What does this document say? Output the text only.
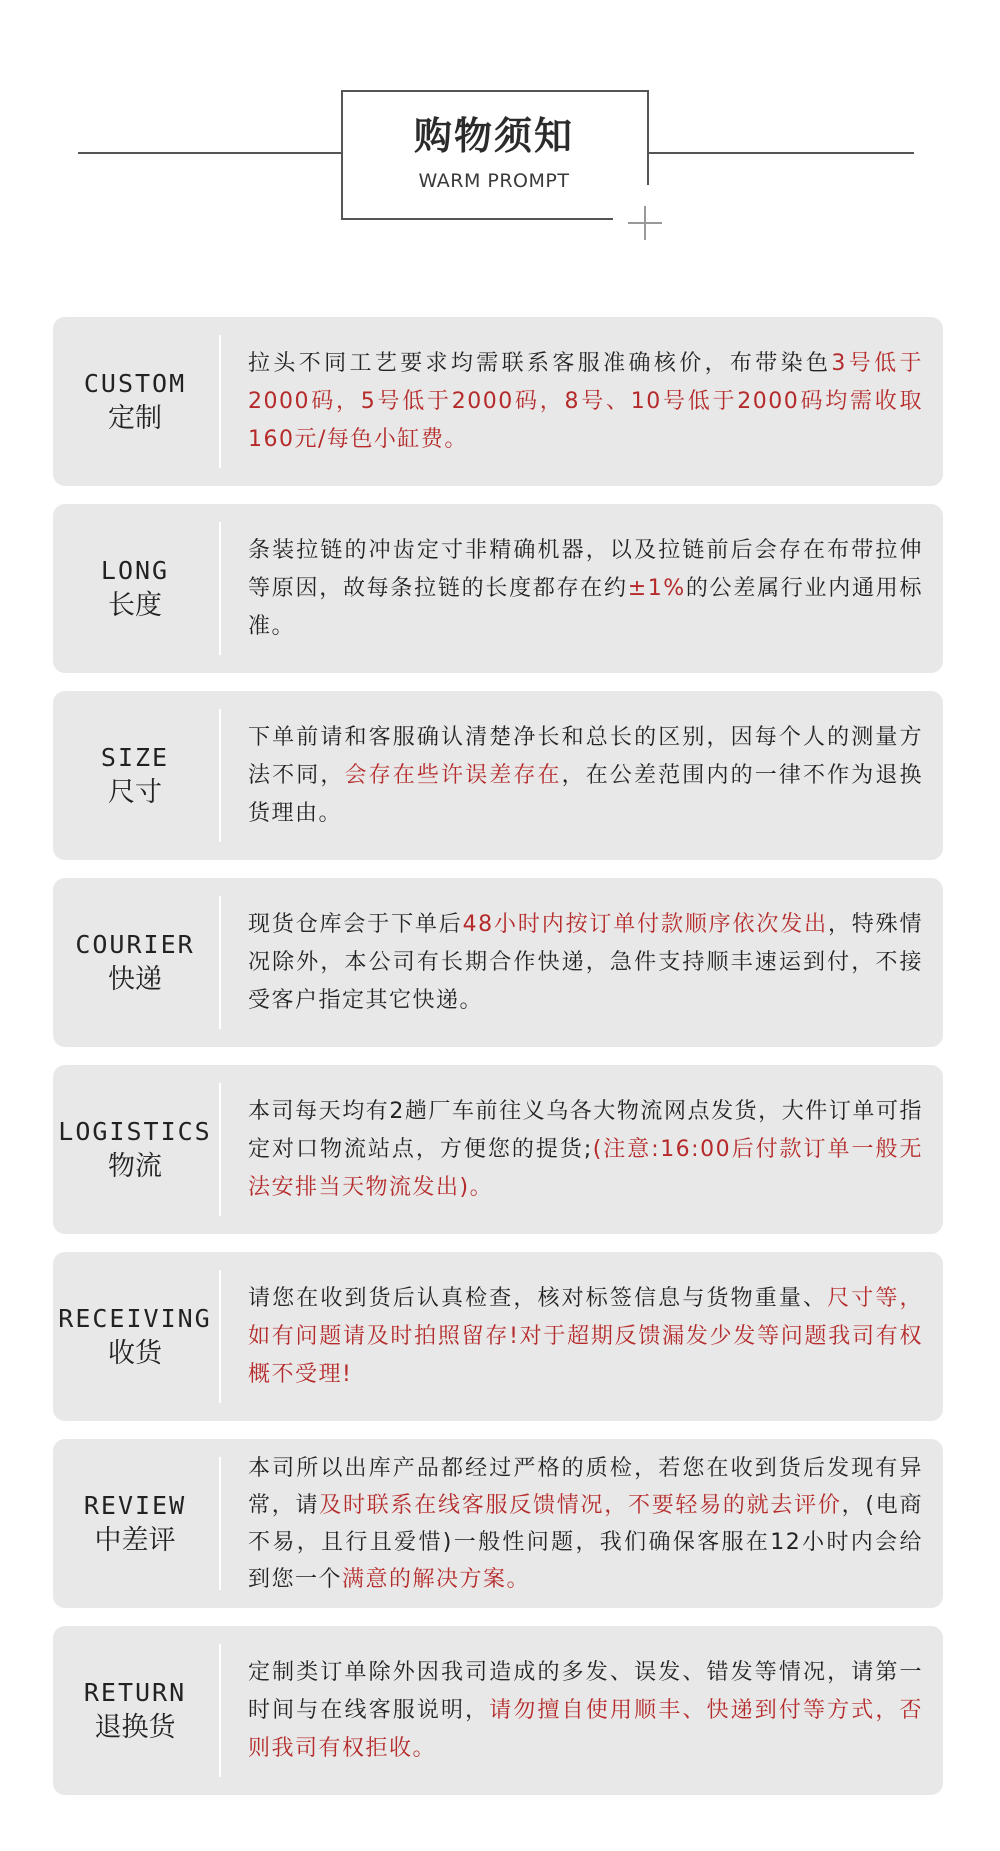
购物须知
WARM PROMPT
CUSTOM
定制

拉头不同工艺要求均需联系客服准确核价，布带染色3号低于2000码，5号低于2000码，8号、10号低于2000码均需收取160元/每色小缸费。

LONG
长度

条装拉链的冲齿定寸非精确机器，以及拉链前后会存在布带拉伸等原因，故每条拉链的长度都存在约±1%的公差属行业内通用标准。

SIZE
尺寸

下单前请和客服确认清楚净长和总长的区别，因每个人的测量方法不同，会存在些许误差存在，在公差范围内的一律不作为退换货理由。

COURIER
快递

现货仓库会于下单后48小时内按订单付款顺序依次发出，特殊情况除外，本公司有长期合作快递，急件支持顺丰速运到付，不接受客户指定其它快递。

LOGISTICS
物流

本司每天均有2趟厂车前往义乌各大物流网点发货，大件订单可指定对口物流站点，方便您的提货;(注意:16:00后付款订单一般无法安排当天物流发出)。

RECEIVING
收货

请您在收到货后认真检查，核对标签信息与货物重量、尺寸等，如有问题请及时拍照留存!对于超期反馈漏发少发等问题我司有权概不受理!

REVIEW
中差评

本司所以出库产品都经过严格的质检，若您在收到货后发现有异常，请及时联系在线客服反馈情况，不要轻易的就去评价，(电商不易，且行且爱惜)一般性问题，我们确保客服在12小时内会给到您一个满意的解决方案。

RETURN
退换货

定制类订单除外因我司造成的多发、误发、错发等情况，请第一时间与在线客服说明，请勿擅自使用顺丰、快递到付等方式，否则我司有权拒收。
